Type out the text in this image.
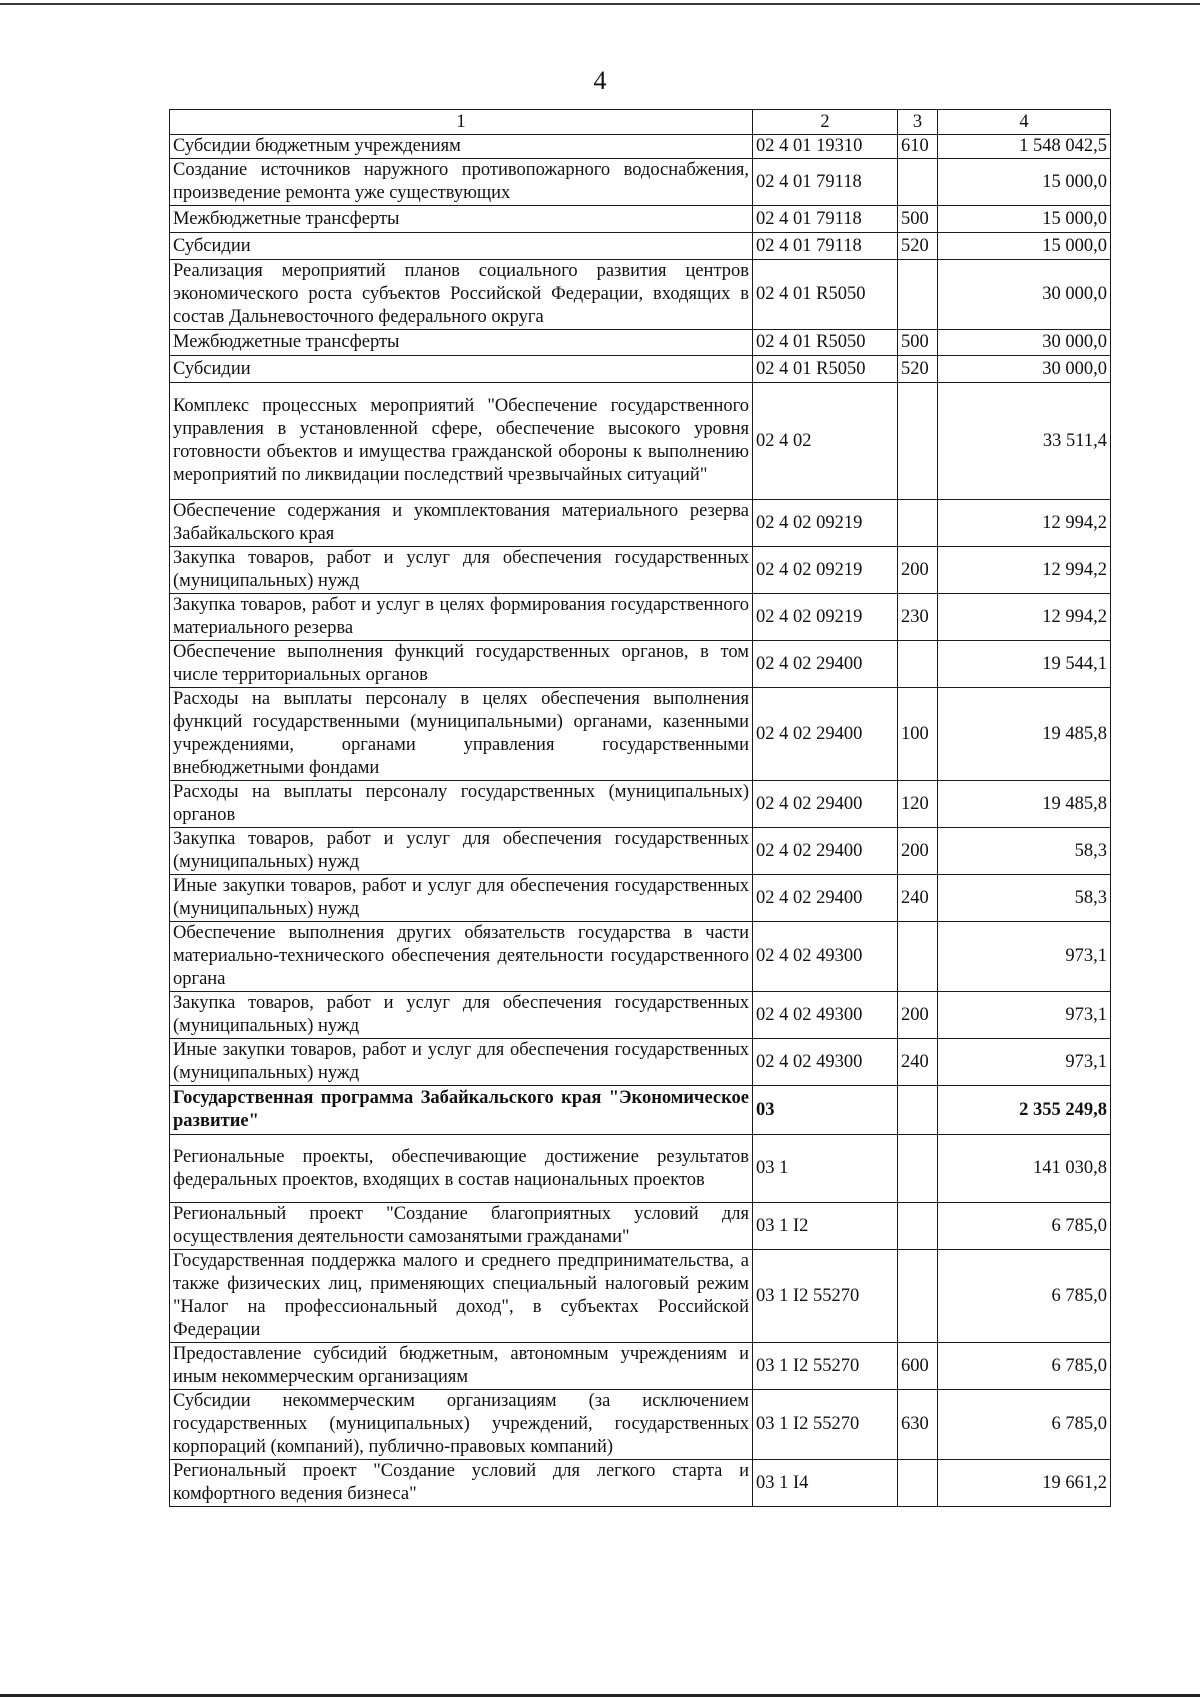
4
1	2	3	4
Субсидии бюджетным учреждениям	02 4 01 19310	610	1 548 042,5
Создание источников наружного противопожарного водоснабжения, произведение ремонта уже существующих	02 4 01 79118		15 000,0
Межбюджетные трансферты	02 4 01 79118	500	15 000,0
Субсидии	02 4 01 79118	520	15 000,0
Реализация мероприятий планов социального развития центров экономического роста субъектов Российской Федерации, входящих в состав Дальневосточного федерального округа	02 4 01 R5050		30 000,0
Межбюджетные трансферты	02 4 01 R5050	500	30 000,0
Субсидии	02 4 01 R5050	520	30 000,0
Комплекс процессных мероприятий "Обеспечение государственного управления в установленной сфере, обеспечение высокого уровня готовности объектов и имущества гражданской обороны к выполнению мероприятий по ликвидации последствий чрезвычайных ситуаций"	02 4 02		33 511,4
Обеспечение содержания и укомплектования материального резерва Забайкальского края	02 4 02 09219		12 994,2
Закупка товаров, работ и услуг для обеспечения государственных (муниципальных) нужд	02 4 02 09219	200	12 994,2
Закупка товаров, работ и услуг в целях формирования государственного материального резерва	02 4 02 09219	230	12 994,2
Обеспечение выполнения функций государственных органов, в том числе территориальных органов	02 4 02 29400		19 544,1
Расходы на выплаты персоналу в целях обеспечения выполнения функций государственными (муниципальными) органами, казенными учреждениями, органами управления государственными внебюджетными фондами	02 4 02 29400	100	19 485,8
Расходы на выплаты персоналу государственных (муниципальных) органов	02 4 02 29400	120	19 485,8
Закупка товаров, работ и услуг для обеспечения государственных (муниципальных) нужд	02 4 02 29400	200	58,3
Иные закупки товаров, работ и услуг для обеспечения государственных (муниципальных) нужд	02 4 02 29400	240	58,3
Обеспечение выполнения других обязательств государства в части материально-технического обеспечения деятельности государственного органа	02 4 02 49300		973,1
Закупка товаров, работ и услуг для обеспечения государственных (муниципальных) нужд	02 4 02 49300	200	973,1
Иные закупки товаров, работ и услуг для обеспечения государственных (муниципальных) нужд	02 4 02 49300	240	973,1
Государственная программа Забайкальского края "Экономическое развитие"	03		2 355 249,8
Региональные проекты, обеспечивающие достижение результатов федеральных проектов, входящих в состав национальных проектов	03 1		141 030,8
Региональный проект "Создание благоприятных условий для осуществления деятельности самозанятыми гражданами"	03 1 I2		6 785,0
Государственная поддержка малого и среднего предпринимательства, а также физических лиц, применяющих специальный налоговый режим "Налог на профессиональный доход", в субъектах Российской Федерации	03 1 I2 55270		6 785,0
Предоставление субсидий бюджетным, автономным учреждениям и иным некоммерческим организациям	03 1 I2 55270	600	6 785,0
Субсидии некоммерческим организациям (за исключением государственных (муниципальных) учреждений, государственных корпораций (компаний), публично-правовых компаний)	03 1 I2 55270	630	6 785,0
Региональный проект "Создание условий для легкого старта и комфортного ведения бизнеса"	03 1 I4		19 661,2
